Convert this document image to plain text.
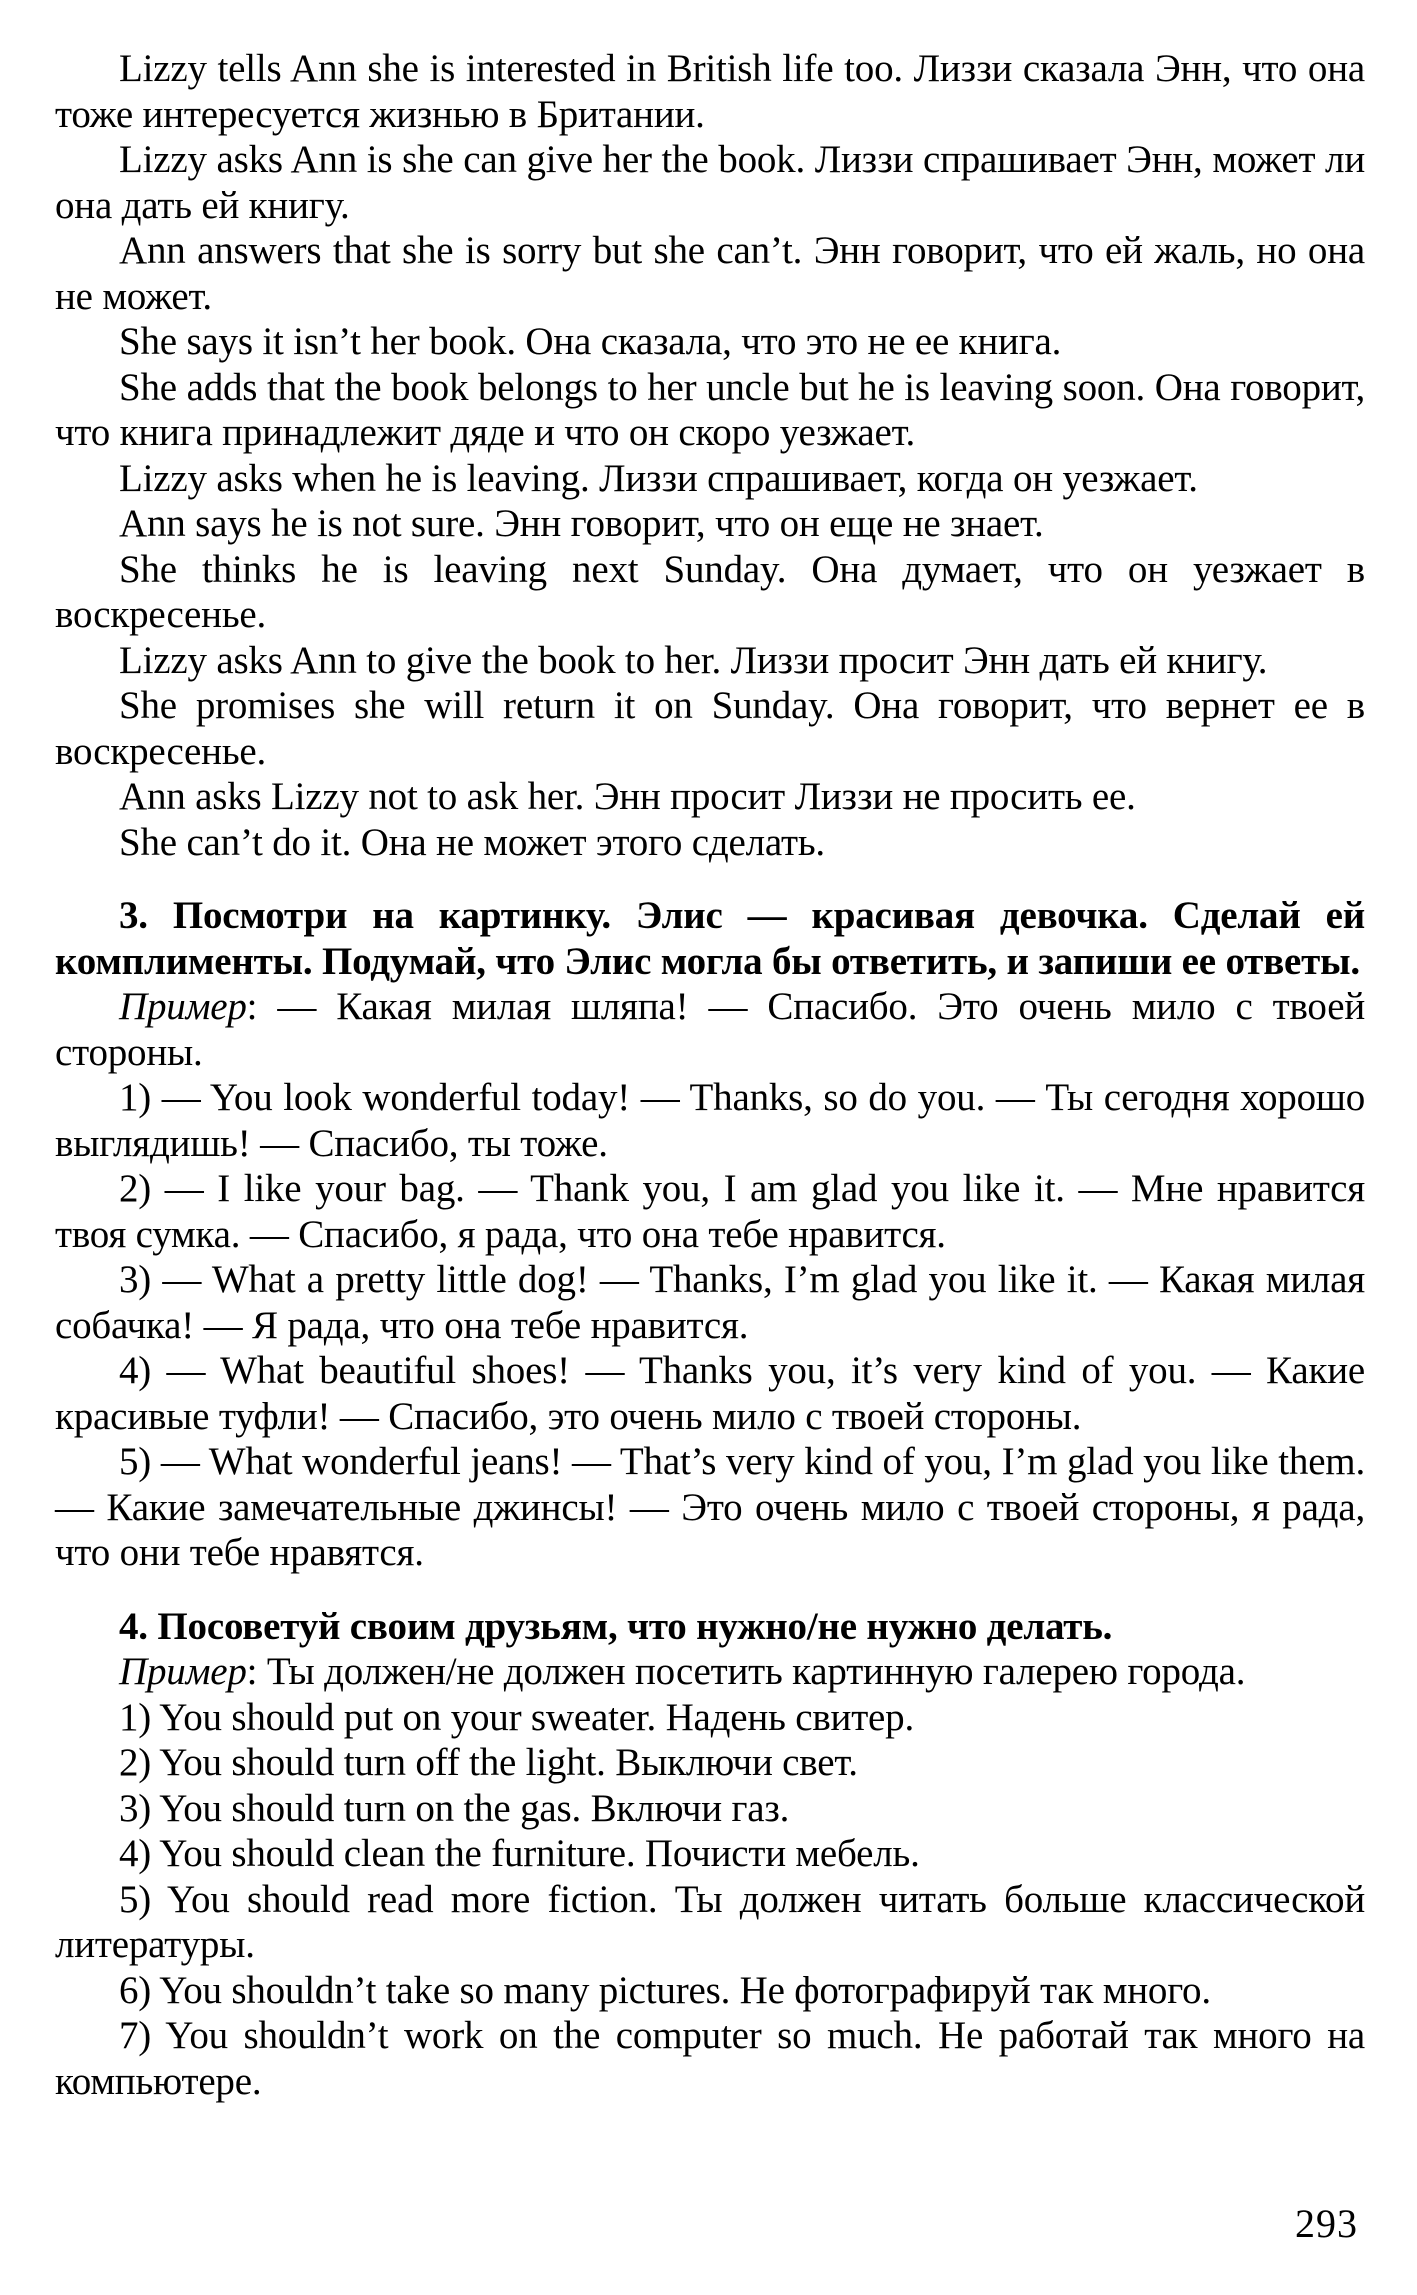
Lizzy tells Ann she is interested in British life too. Лиззи сказала Энн, что она тоже интересуется жизнью в Британии.

Lizzy asks Ann is she can give her the book. Лиззи спрашивает Энн, может ли она дать ей книгу.

Ann answers that she is sorry but she can’t. Энн говорит, что ей жаль, но она не может.

She says it isn’t her book. Она сказала, что это не ее книга.

She adds that the book belongs to her uncle but he is leaving soon. Она говорит, что книга принадлежит дяде и что он скоро уезжает.

Lizzy asks when he is leaving. Лиззи спрашивает, когда он уезжает.

Ann says he is not sure. Энн говорит, что он еще не знает.

She thinks he is leaving next Sunday. Она думает, что он уезжает в воскресенье.

Lizzy asks Ann to give the book to her. Лиззи просит Энн дать ей книгу.

She promises she will return it on Sunday. Она говорит, что вернет ее в воскресенье.

Ann asks Lizzy not to ask her. Энн просит Лиззи не просить ее.

She can’t do it. Она не может этого сделать.

3. Посмотри на картинку. Элис — красивая девочка. Сделай ей комплименты. Подумай, что Элис могла бы ответить, и запиши ее ответы.

Пример: — Какая милая шляпа! — Спасибо. Это очень мило с твоей стороны.

1) — You look wonderful today! — Thanks, so do you. — Ты сегодня хорошо выглядишь! — Спасибо, ты тоже.

2) — I like your bag. — Thank you, I am glad you like it. — Мне нравится твоя сумка. — Спасибо, я рада, что она тебе нравится.

3) — What a pretty little dog! — Thanks, I’m glad you like it. — Какая милая собачка! — Я рада, что она тебе нравится.

4) — What beautiful shoes! — Thanks you, it’s very kind of you. — Какие красивые туфли! — Спасибо, это очень мило с твоей стороны.

5) — What wonderful jeans! — That’s very kind of you, I’m glad you like them. — Какие замечательные джинсы! — Это очень мило с твоей стороны, я рада, что они тебе нравятся.

4. Посоветуй своим друзьям, что нужно/не нужно делать.

Пример: Ты должен/не должен посетить картинную галерею города.

1) You should put on your sweater. Надень свитер.

2) You should turn off the light. Выключи свет.

3) You should turn on the gas. Включи газ.

4) You should clean the furniture. Почисти мебель.

5) You should read more fiction. Ты должен читать больше классической литературы.

6) You shouldn’t take so many pictures. Не фотографируй так много.

7) You shouldn’t work on the computer so much. Не работай так много на компьютере.

293
